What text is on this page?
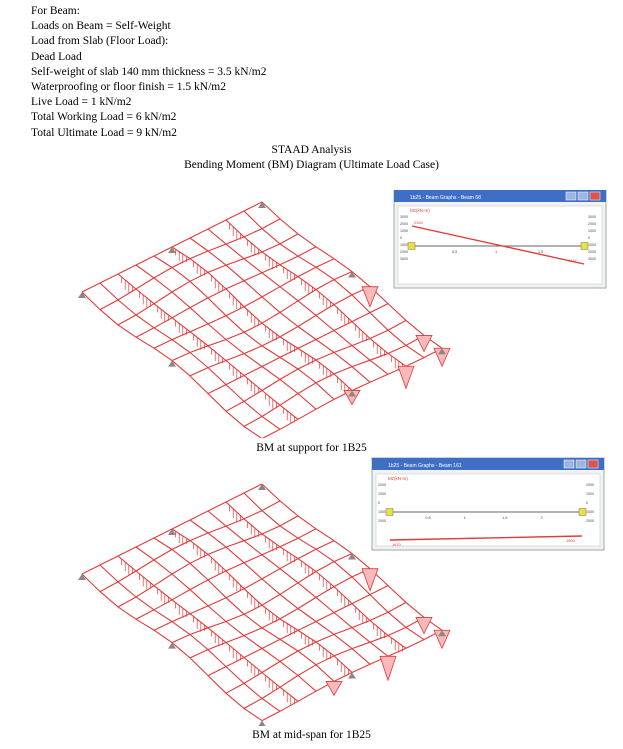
For Beam:
Loads on Beam = Self-Weight
Load from Slab (Floor Load):
Dead Load
Self-weight of slab 140 mm thickness = 3.5 kN/m2
Waterproofing or floor finish = 1.5 kN/m2
Live Load = 1 kN/m2
Total Working Load = 6 kN/m2
Total Ultimate Load = 9 kN/m2
STAAD Analysis
Bending Moment (BM) Diagram (Ultimate Load Case)
1b25 - Beam Graphs - Beam 68
Mz(kN-m)
3000	3000
2000	2000
1000	1000
0	0
1000	1000
2000	2000
3000	3000
0.5	1	1.5
2340
4447
BM at support for 1B25
1b25 - Beam Graphs - Beam 161
Mz(kN-m)
2000	2000
1000	1000
0	0
1000	1000
2000	2000
0.5	1	1.5	2
1670
1800
BM at mid-span for 1B25
